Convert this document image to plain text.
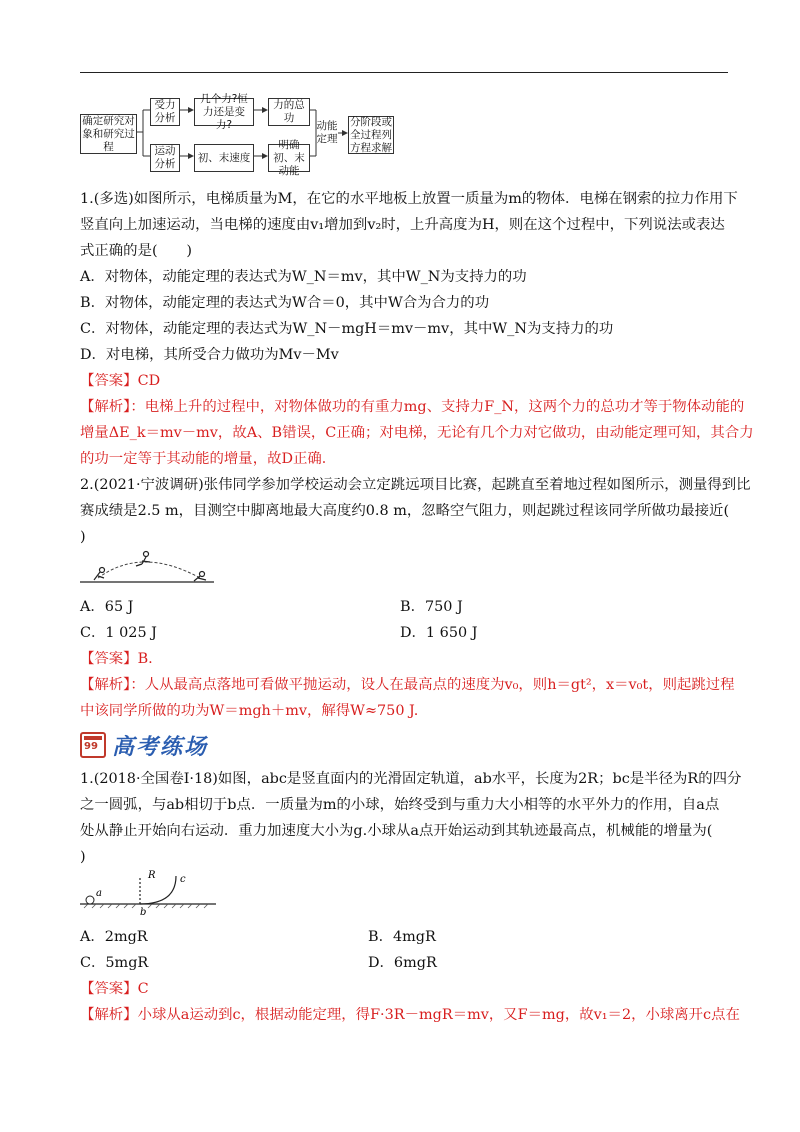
确定研究对象和研究过程
受力分析
几个力?恒力还是变力?
力的总功
运动分析
初、末速度
明确初、末动能
动能定理
分阶段或全过程列方程求解
1.(多选)如图所示，电梯质量为M，在它的水平地板上放置一质量为m的物体．电梯在钢索的拉力作用下
竖直向上加速运动，当电梯的速度由v₁增加到v₂时，上升高度为H，则在这个过程中，下列说法或表达
式正确的是(　　)
A．对物体，动能定理的表达式为W_N＝mv，其中W_N为支持力的功
B．对物体，动能定理的表达式为W合＝0，其中W合为合力的功
C．对物体，动能定理的表达式为W_N－mgH＝mv－mv，其中W_N为支持力的功
D．对电梯，其所受合力做功为Mv－Mv
【答案】CD
【解析】：电梯上升的过程中，对物体做功的有重力mg、支持力F_N，这两个力的总功才等于物体动能的
增量ΔE_k＝mv－mv，故A、B错误，C正确；对电梯，无论有几个力对它做功，由动能定理可知，其合力
的功一定等于其动能的增量，故D正确．
2.(2021·宁波调研)张伟同学参加学校运动会立定跳远项目比赛，起跳直至着地过程如图所示，测量得到比
赛成绩是2.5 m，目测空中脚离地最大高度约0.8 m，忽略空气阻力，则起跳过程该同学所做功最接近(
)
A．65 J	B．750 J
C．1 025 J	D．1 650 J
【答案】B.
【解析】：人从最高点落地可看做平抛运动，设人在最高点的速度为v₀，则h＝gt²，x＝v₀t，则起跳过程
中该同学所做的功为W＝mgh＋mv，解得W≈750 J.
99 高考练场
1.(2018·全国卷Ⅰ·18)如图，abc是竖直面内的光滑固定轨道，ab水平，长度为2R；bc是半径为R的四分
之一圆弧，与ab相切于b点．一质量为m的小球，始终受到与重力大小相等的水平外力的作用，自a点
处从静止开始向右运动．重力加速度大小为g.小球从a点开始运动到其轨迹最高点，机械能的增量为(
)
a
b
c
R
A．2mgR	B．4mgR
C．5mgR	D．6mgR
【答案】C
【解析】小球从a运动到c，根据动能定理，得F·3R－mgR＝mv，又F＝mg，故v₁＝2，小球离开c点在
